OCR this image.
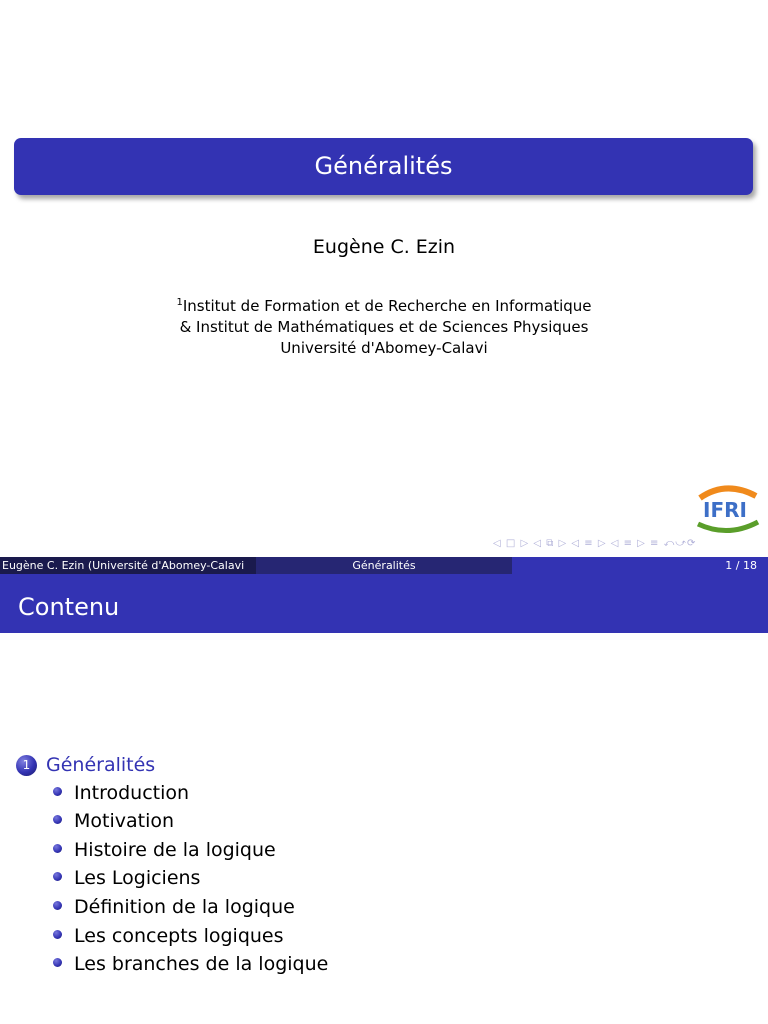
Généralités
Eugène C. Ezin
$^1$Institut de Formation et de Recherche en Informatique
& Institut de Mathématiques et de Sciences Physiques
Université d'Abomey-Calavi
IFRI
◁ □ ▷ ◁ ⧉ ▷ ◁ ≡ ▷ ◁ ≡ ▷ ≡ ⤺⤻⟳
Eugène C. Ezin (Université d'Abomey-Calavi	Généralités	1 / 18
Contenu
1 Généralités
Introduction
Motivation
Histoire de la logique
Les Logiciens
Définition de la logique
Les concepts logiques
Les branches de la logique
